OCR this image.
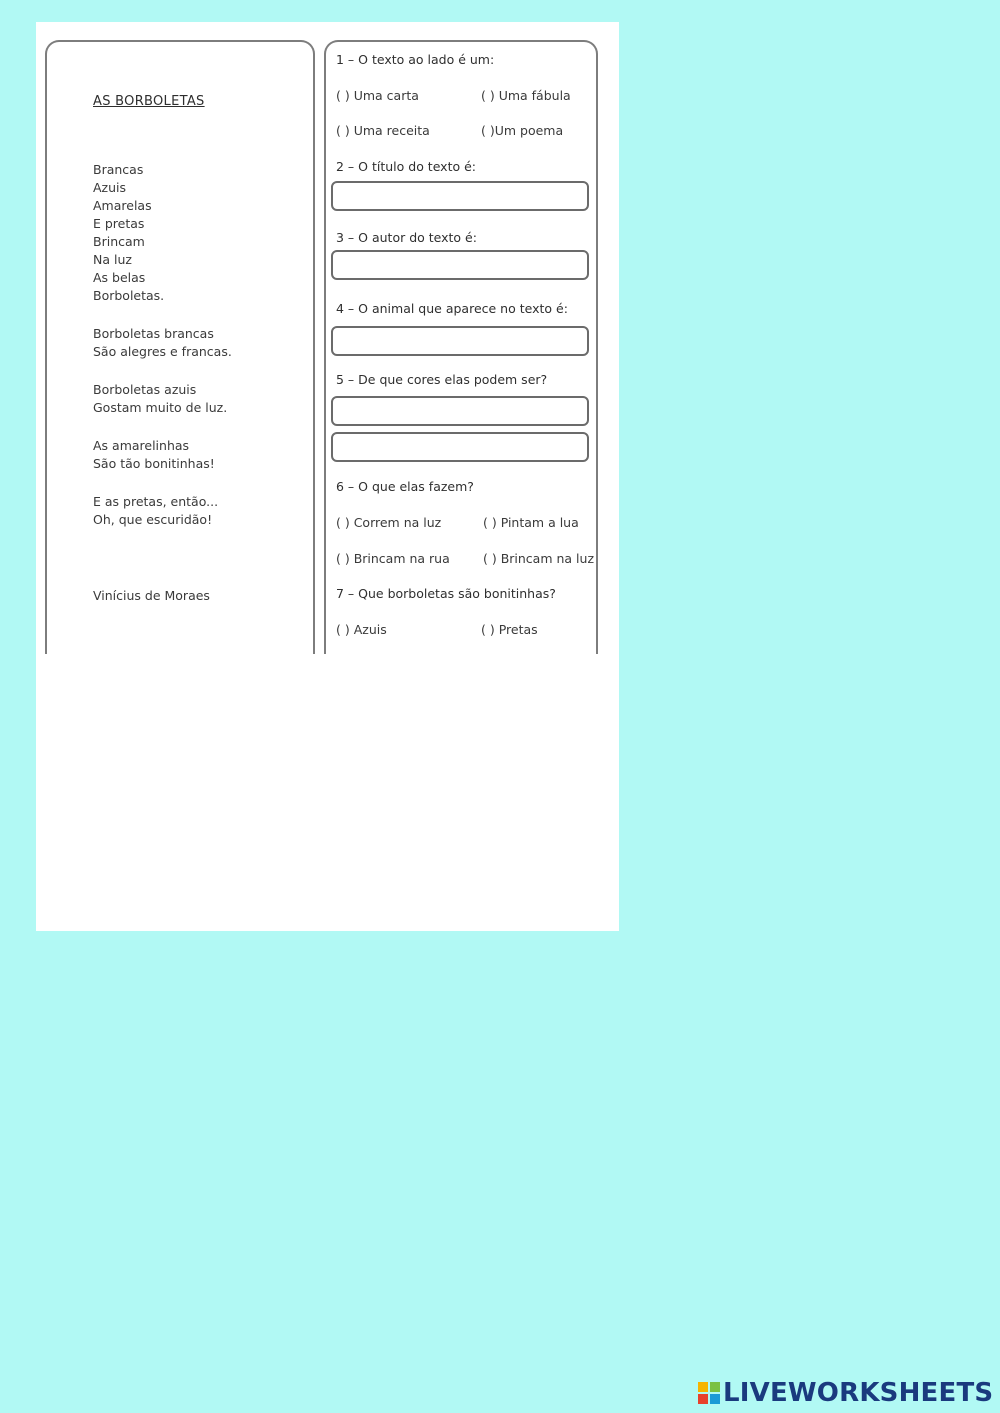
AS BORBOLETAS
Brancas
Azuis
Amarelas
E pretas
Brincam
Na luz
As belas
Borboletas.
Borboletas brancas
São alegres e francas.
Borboletas azuis
Gostam muito de luz.
As amarelinhas
São tão bonitinhas!
E as pretas, então...
Oh, que escuridão!
Vinícius de Moraes
1 – O texto ao lado é um:
( ) Uma carta	( ) Uma fábula
( ) Uma receita	( )Um poema
2 – O título do texto é:
3 – O autor do texto é:
4 – O animal que aparece no texto é:
5 – De que cores elas podem ser?
6 – O que elas fazem?
( ) Correm na luz	( ) Pintam a lua
( ) Brincam na rua	( ) Brincam na luz
7 – Que borboletas são bonitinhas?
( ) Azuis	( ) Pretas
LIVEWORKSHEETS
